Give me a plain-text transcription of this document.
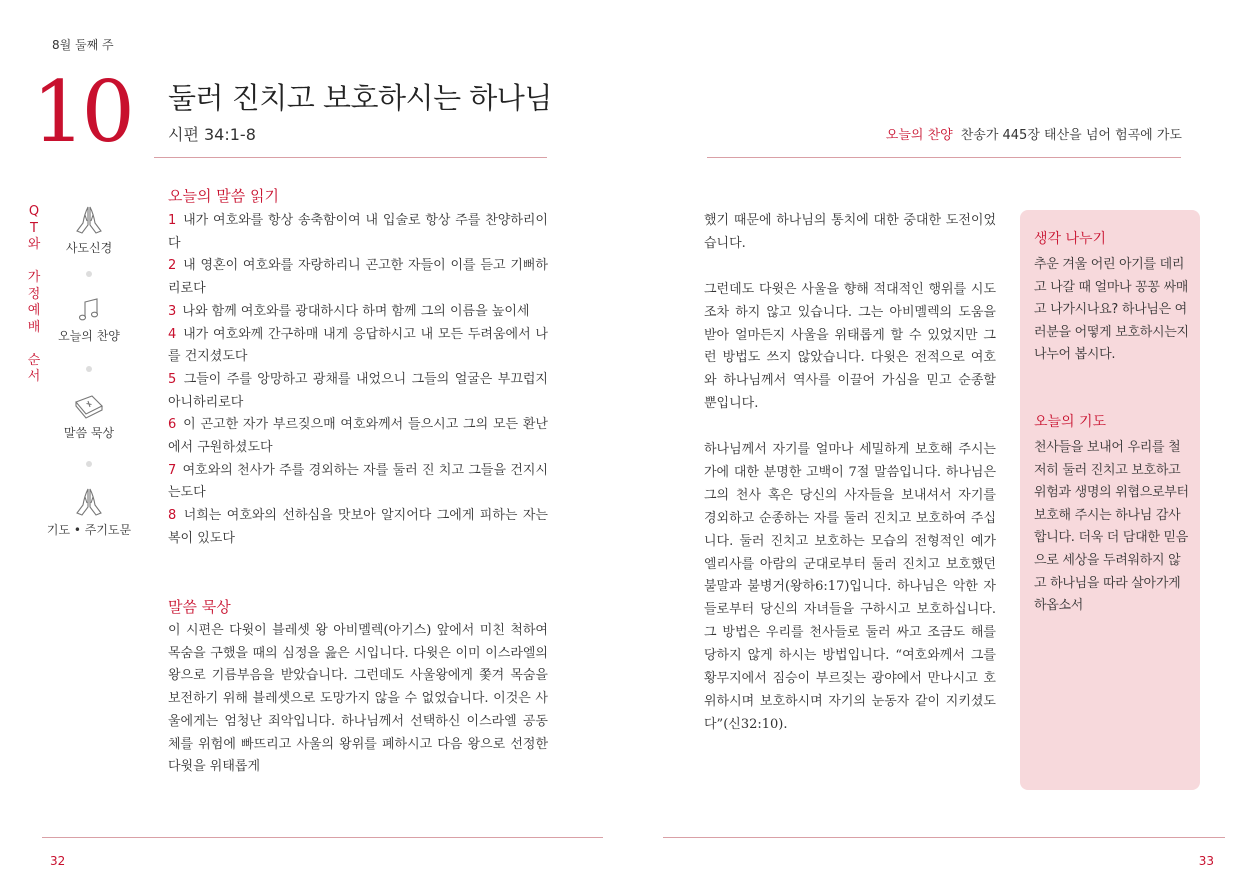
8월 둘째 주
10 둘러 진치고 보호하시는 하나님
시편 34:1-8	오늘의 찬양 찬송가 445장 태산을 넘어 험곡에 가도
Q
T
와
가
정
예
배
순
서
사도신경
오늘의 찬양
말씀 묵상
기도 • 주기도문
오늘의 말씀 읽기
1 내가 여호와를 항상 송축함이여 내 입술로 항상 주를 찬양하리이다
2 내 영혼이 여호와를 자랑하리니 곤고한 자들이 이를 듣고 기뻐하리로다
3 나와 함께 여호와를 광대하시다 하며 함께 그의 이름을 높이세
4 내가 여호와께 간구하매 내게 응답하시고 내 모든 두려움에서 나를 건지셨도다
5 그들이 주를 앙망하고 광채를 내었으니 그들의 얼굴은 부끄럽지 아니하리로다
6 이 곤고한 자가 부르짖으매 여호와께서 들으시고 그의 모든 환난에서 구원하셨도다
7 여호와의 천사가 주를 경외하는 자를 둘러 진 치고 그들을 건지시는도다
8 너희는 여호와의 선하심을 맛보아 알지어다 그에게 피하는 자는 복이 있도다
말씀 묵상
이 시편은 다윗이 블레셋 왕 아비멜렉(아기스) 앞에서 미친 척하여 목숨을 구했을 때의 심정을 읊은 시입니다. 다윗은 이미 이스라엘의 왕으로 기름부음을 받았습니다. 그런데도 사울왕에게 쫓겨 목숨을 보전하기 위해 블레셋으로 도망가지 않을 수 없었습니다. 이것은 사울에게는 엄청난 죄악입니다. 하나님께서 선택하신 이스라엘 공동체를 위험에 빠뜨리고 사울의 왕위를 폐하시고 다음 왕으로 선정한 다윗을 위태롭게

했기 때문에 하나님의 통치에 대한 중대한 도전이었습니다.

그런데도 다윗은 사울을 향해 적대적인 행위를 시도조차 하지 않고 있습니다. 그는 아비멜렉의 도움을 받아 얼마든지 사울을 위태롭게 할 수 있었지만 그런 방법도 쓰지 않았습니다. 다윗은 전적으로 여호와 하나님께서 역사를 이끌어 가심을 믿고 순종할 뿐입니다.

하나님께서 자기를 얼마나 세밀하게 보호해 주시는가에 대한 분명한 고백이 7절 말씀입니다. 하나님은 그의 천사 혹은 당신의 사자들을 보내셔서 자기를 경외하고 순종하는 자를 둘러 진치고 보호하여 주십니다. 둘러 진치고 보호하는 모습의 전형적인 예가 엘리사를 아람의 군대로부터 둘러 진치고 보호했던 불말과 불병거(왕하6:17)입니다. 하나님은 악한 자들로부터 당신의 자녀들을 구하시고 보호하십니다. 그 방법은 우리를 천사들로 둘러 싸고 조금도 해를 당하지 않게 하시는 방법입니다. “여호와께서 그를 황무지에서 짐승이 부르짖는 광야에서 만나시고 호위하시며 보호하시며 자기의 눈동자 같이 지키셨도다”(신32:10).

생각 나누기
추운 겨울 어린 아기를 데리고 나갈 때 얼마나 꽁꽁 싸매고 나가시나요? 하나님은 여러분을 어떻게 보호하시는지 나누어 봅시다.
오늘의 기도
천사들을 보내어 우리를 철저히 둘러 진치고 보호하고 위험과 생명의 위협으로부터 보호해 주시는 하나님 감사합니다. 더욱 더 담대한 믿음으로 세상을 두려워하지 않고 하나님을 따라 살아가게 하옵소서
32	33
